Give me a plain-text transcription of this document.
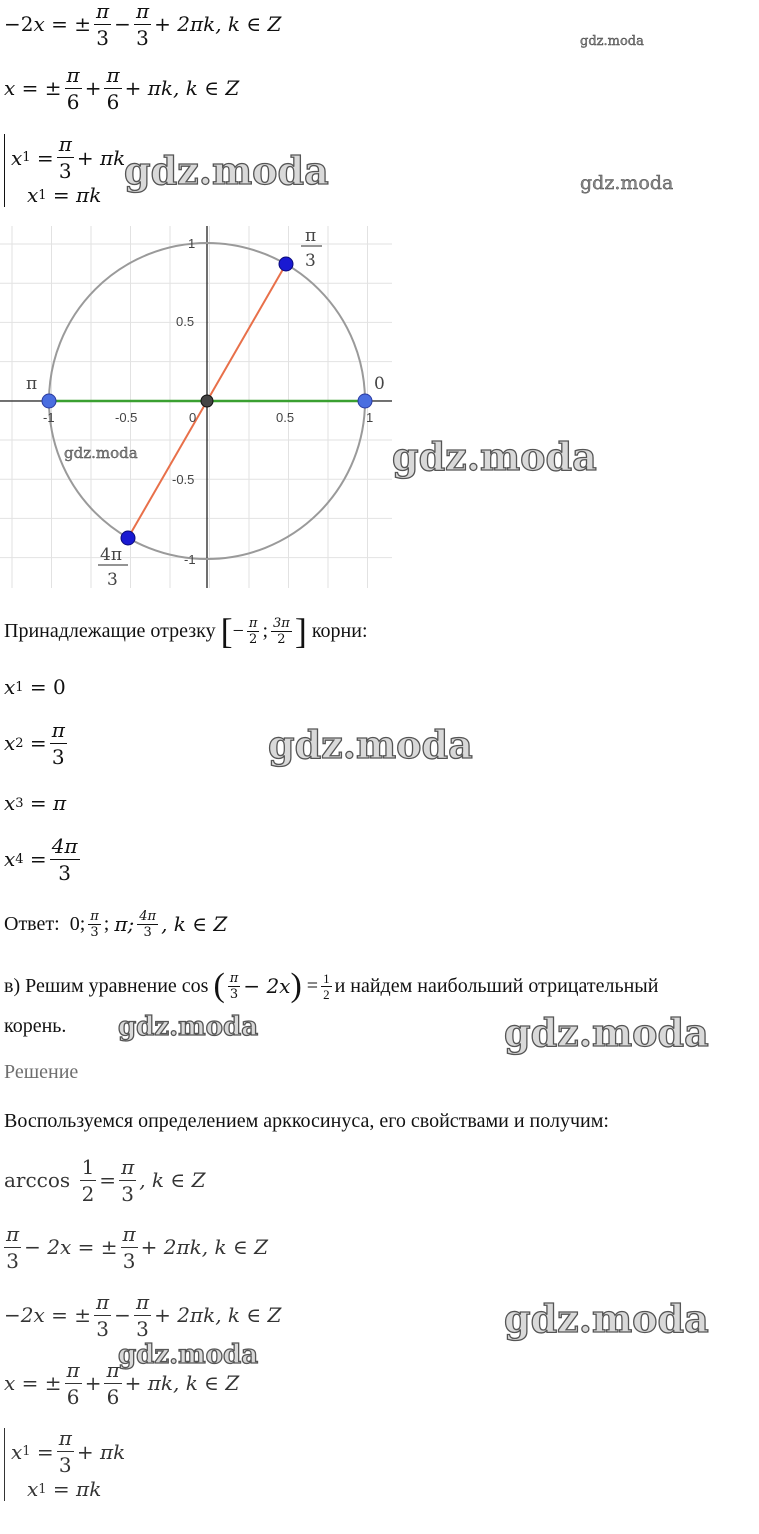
−2 x
=
± $\frac{\pi}{3} - \frac{\pi}{3}$ +
2πk, k ∈ Z
x
=
± $\frac{\pi}{6} + \frac{\pi}{6}$ +
πk, k ∈ Z
x 1
= $\frac{\pi}{3} + \pi k$
x 1
=
πk
-1	-0.5	0	0.5	1
1
0.5
-0.5
-1
π	0
π
3
4π
3
Принадлежащие отрезку
[ − $\frac{\pi}{2}$ ; $\frac{3\pi}{2}$ ]
корни:
x 1
=
0
x 2
= $\frac{\pi}{3}$
x 3
=
π
x 4
= $\frac{4\pi}{3}$
Ответ:
0; $\frac{\pi}{3}$ ;
π; $\frac{4\pi}{3}$ , k ∈ Z
в) Решим уравнение cos
( $\frac{\pi}{3} - 2x$ )
= $\frac{1}{2}$ и найдем наибольший отрицательный
корень.
Решение
Воспользуемся определением арккосинуса, его свойствами и получим:
arccos
$\frac{1}{2} = \frac{\pi}{3}$ , k ∈ Z
$\frac{\pi}{3} - 2x$ =
± $\frac{\pi}{3} + 2\pi k$, k ∈ Z
−2x =
± $\frac{\pi}{3} - \frac{\pi}{3} + 2\pi k$, k ∈ Z
x =
± $\frac{\pi}{6} + \frac{\pi}{6} + \pi k$, k ∈ Z
x 1
= $\frac{\pi}{3} + \pi k$
x 1
=
πk
gdz.moda
gdz.moda	gdz.moda
gdz.moda	gdz.moda
gdz.moda
gdz.moda	gdz.moda
gdz.moda
gdz.moda
